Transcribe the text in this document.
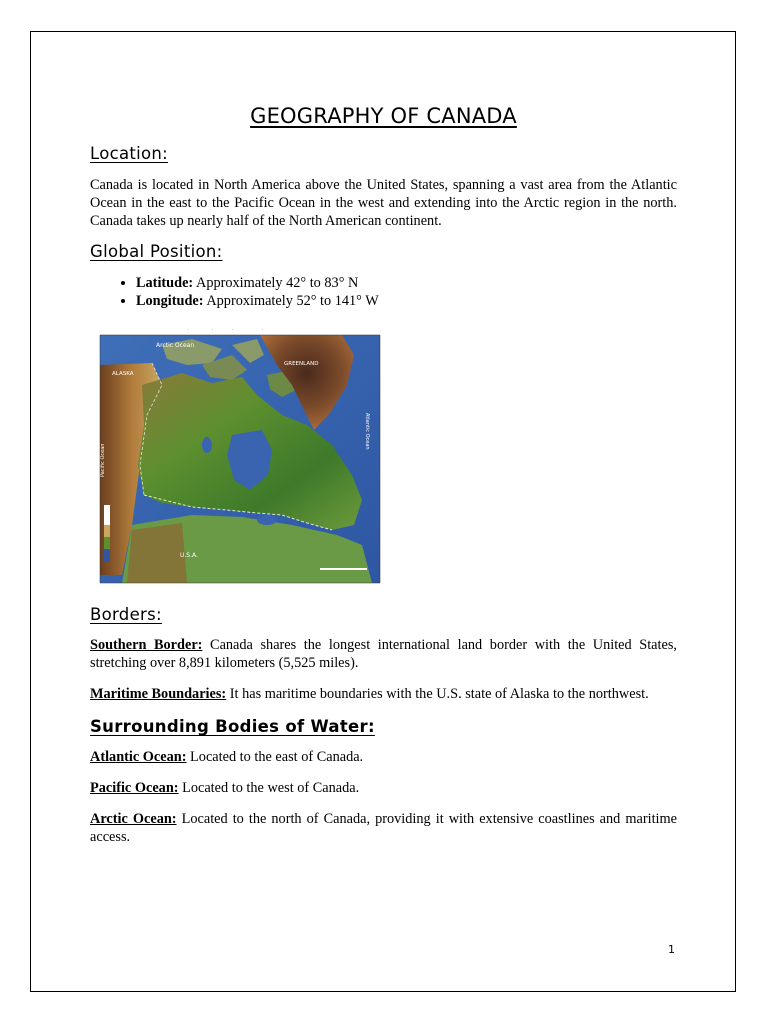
GEOGRAPHY OF CANADA
Location:

Canada is located in North America above the United States, spanning a vast area from the Atlantic Ocean in the east to the Pacific Ocean in the west and extending into the Arctic region in the north. Canada takes up nearly half of the North American continent.

Global Position:
• Latitude: Approximately 42° to 83° N
• Longitude: Approximately 52° to 141° W
·	·	·	·
Arctic Ocean
GREENLAND
ALASKA
U.S.A.
Pacific Ocean
Atlantic Ocean
Borders:

Southern Border: Canada shares the longest international land border with the United States, stretching over 8,891 kilometers (5,525 miles).

Maritime Boundaries: It has maritime boundaries with the U.S. state of Alaska to the northwest.

Surrounding Bodies of Water:

Atlantic Ocean: Located to the east of Canada.

Pacific Ocean: Located to the west of Canada.

Arctic Ocean: Located to the north of Canada, providing it with extensive coastlines and maritime access.

1
